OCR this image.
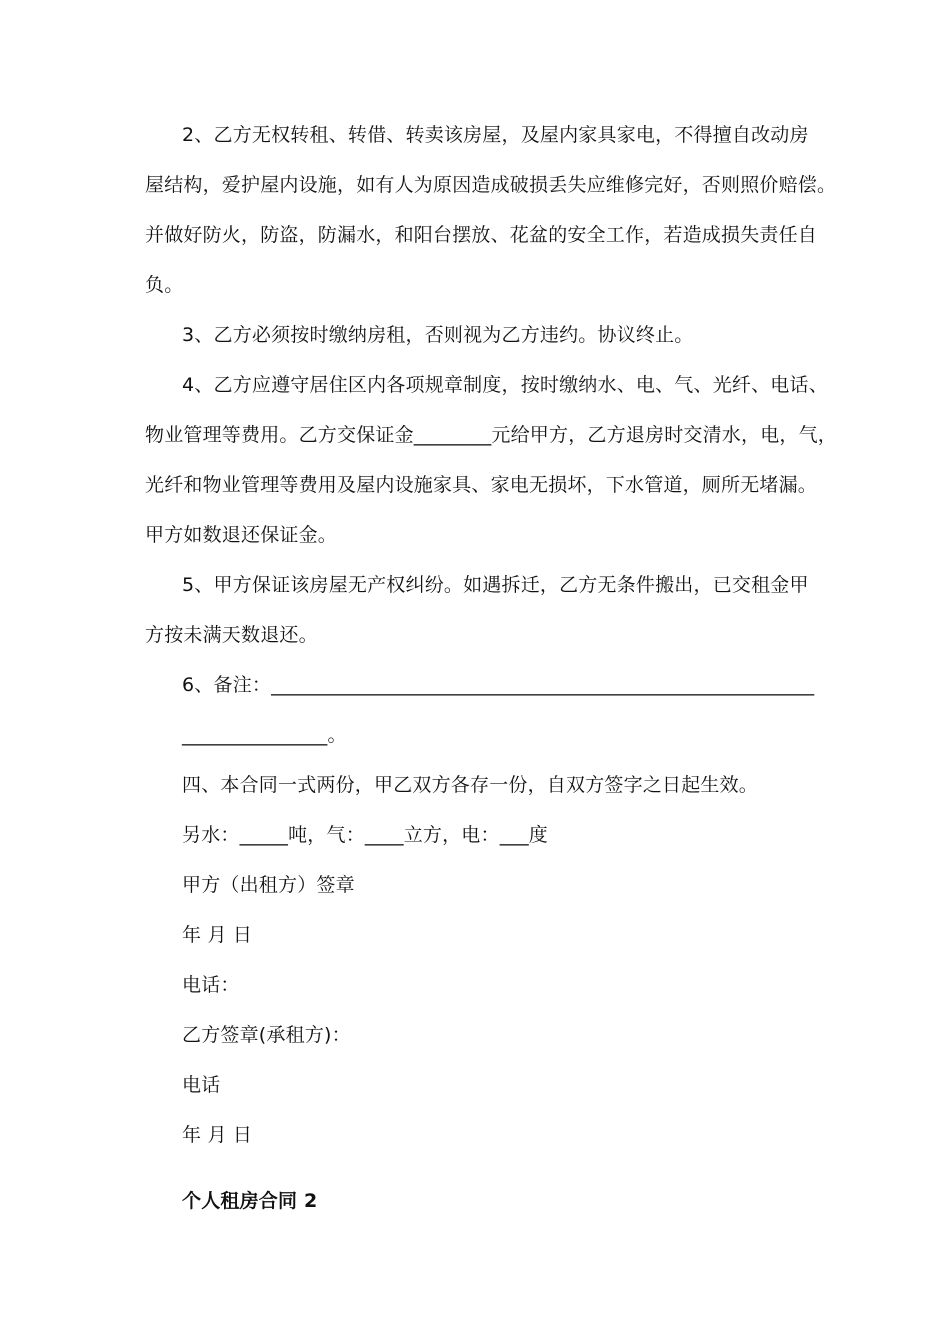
2、乙方无权转租、转借、转卖该房屋，及屋内家具家电，不得擅自改动房
屋结构，爱护屋内设施，如有人为原因造成破损丢失应维修完好，否则照价赔偿。
并做好防火，防盗，防漏水，和阳台摆放、花盆的安全工作，若造成损失责任自
负。
3、乙方必须按时缴纳房租，否则视为乙方违约。协议终止。
4、乙方应遵守居住区内各项规章制度，按时缴纳水、电、气、光纤、电话、
物业管理等费用。乙方交保证金________元给甲方，乙方退房时交清水，电，气，
光纤和物业管理等费用及屋内设施家具、家电无损坏，下水管道，厕所无堵漏。
甲方如数退还保证金。
5、甲方保证该房屋无产权纠纷。如遇拆迁，乙方无条件搬出，已交租金甲
方按未满天数退还。
6、备注：________________________________________________________
_______________。
四、本合同一式两份，甲乙双方各存一份，自双方签字之日起生效。
另水：_____吨，气：____立方，电：___度
甲方（出租方）签章
年 月 日
电话：
乙方签章(承租方)：
电话
年 月 日
个人租房合同 2
